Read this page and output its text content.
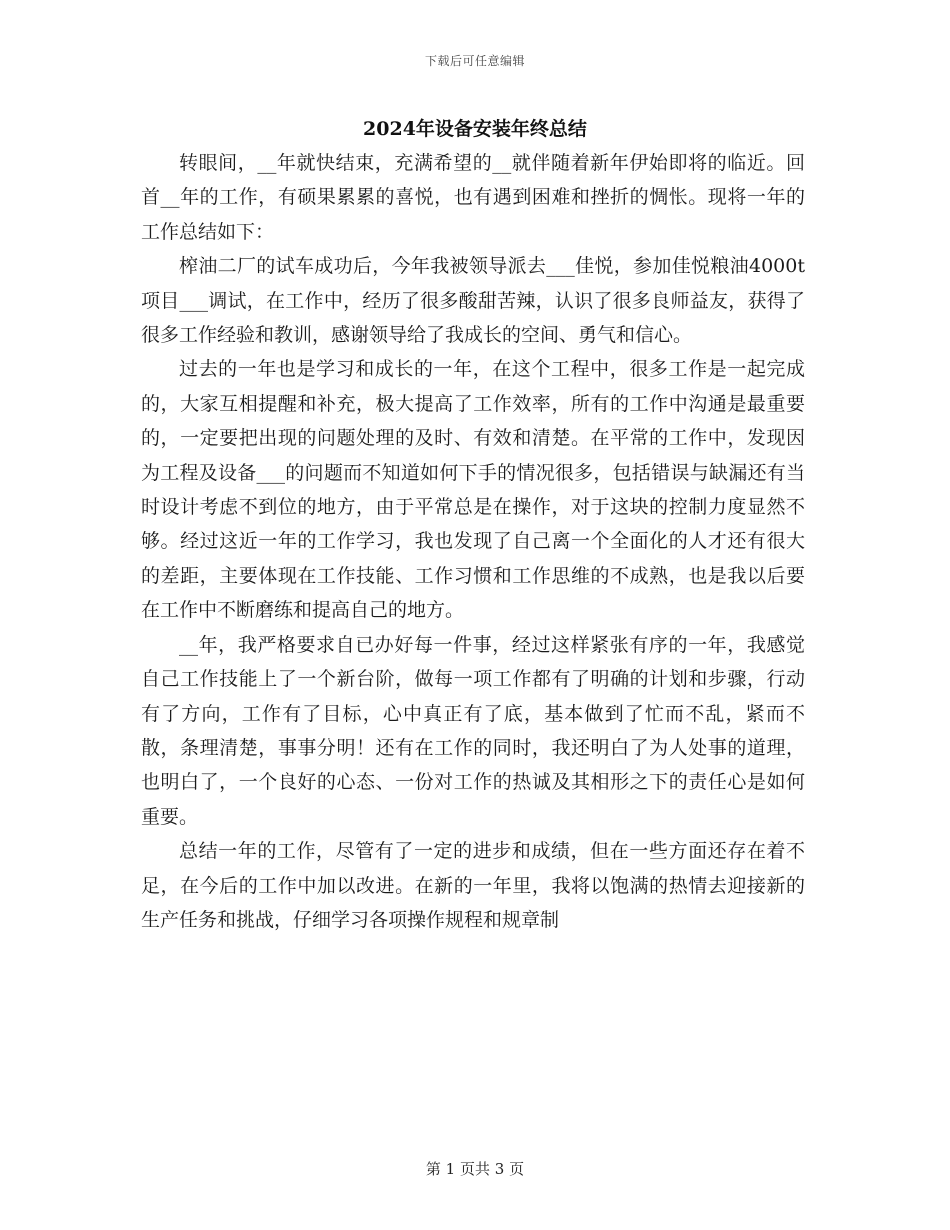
下载后可任意编辑
2024年设备安装年终总结

转眼间，__年就快结束，充满希望的__就伴随着新年伊始即将的临近。回首__年的工作，有硕果累累的喜悦，也有遇到困难和挫折的惆怅。现将一年的工作总结如下：

榨油二厂的试车成功后，今年我被领导派去___佳悦，参加佳悦粮油4000t项目___调试，在工作中，经历了很多酸甜苦辣，认识了很多良师益友，获得了很多工作经验和教训，感谢领导给了我成长的空间、勇气和信心。

过去的一年也是学习和成长的一年，在这个工程中，很多工作是一起完成的，大家互相提醒和补充，极大提高了工作效率，所有的工作中沟通是最重要的，一定要把出现的问题处理的及时、有效和清楚。在平常的工作中，发现因为工程及设备___的问题而不知道如何下手的情况很多，包括错误与缺漏还有当时设计考虑不到位的地方，由于平常总是在操作，对于这块的控制力度显然不够。经过这近一年的工作学习，我也发现了自己离一个全面化的人才还有很大的差距，主要体现在工作技能、工作习惯和工作思维的不成熟，也是我以后要在工作中不断磨练和提高自己的地方。

__年，我严格要求自已办好每一件事，经过这样紧张有序的一年，我感觉自己工作技能上了一个新台阶，做每一项工作都有了明确的计划和步骤，行动有了方向，工作有了目标，心中真正有了底，基本做到了忙而不乱，紧而不散，条理清楚，事事分明！还有在工作的同时，我还明白了为人处事的道理，也明白了，一个良好的心态、一份对工作的热诚及其相形之下的责任心是如何重要。

总结一年的工作，尽管有了一定的进步和成绩，但在一些方面还存在着不足，在今后的工作中加以改进。在新的一年里，我将以饱满的热情去迎接新的生产任务和挑战，仔细学习各项操作规程和规章制

第 1 页共 3 页
